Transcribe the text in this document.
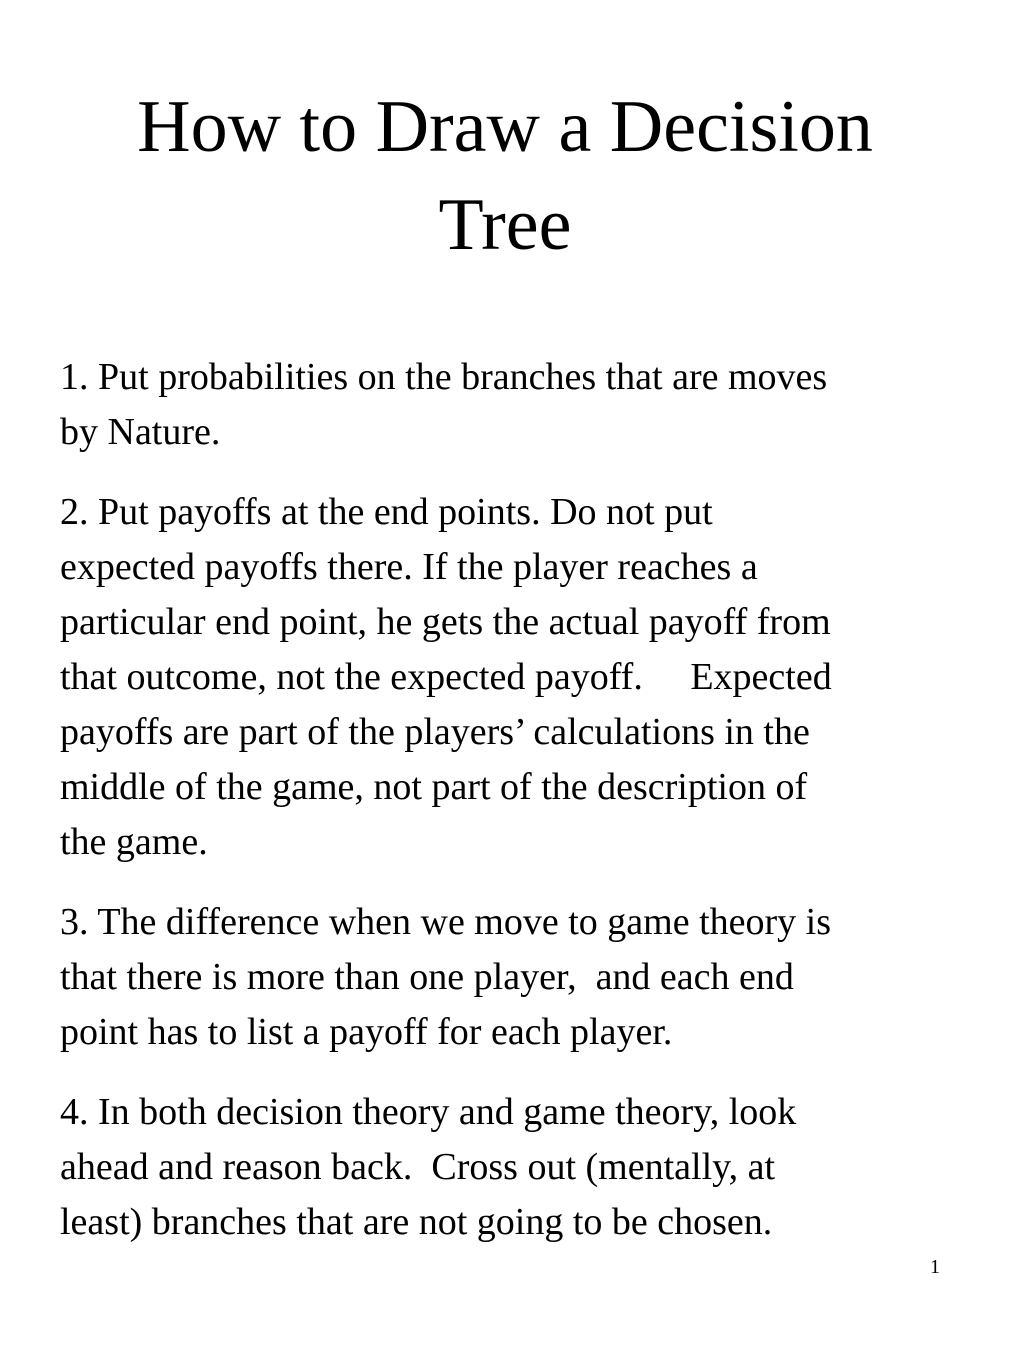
How to Draw a Decision
Tree

1. Put probabilities on the branches that are moves
by Nature.

2. Put payoffs at the end points. Do not put
expected payoffs there. If the player reaches a
particular end point, he gets the actual payoff from
that outcome, not the expected payoff.     Expected
payoffs are part of the players’ calculations in the
middle of the game, not part of the description of
the game.

3. The difference when we move to game theory is
that there is more than one player,  and each end
point has to list a payoff for each player.

4. In both decision theory and game theory, look
ahead and reason back.  Cross out (mentally, at
least) branches that are not going to be chosen.

1
